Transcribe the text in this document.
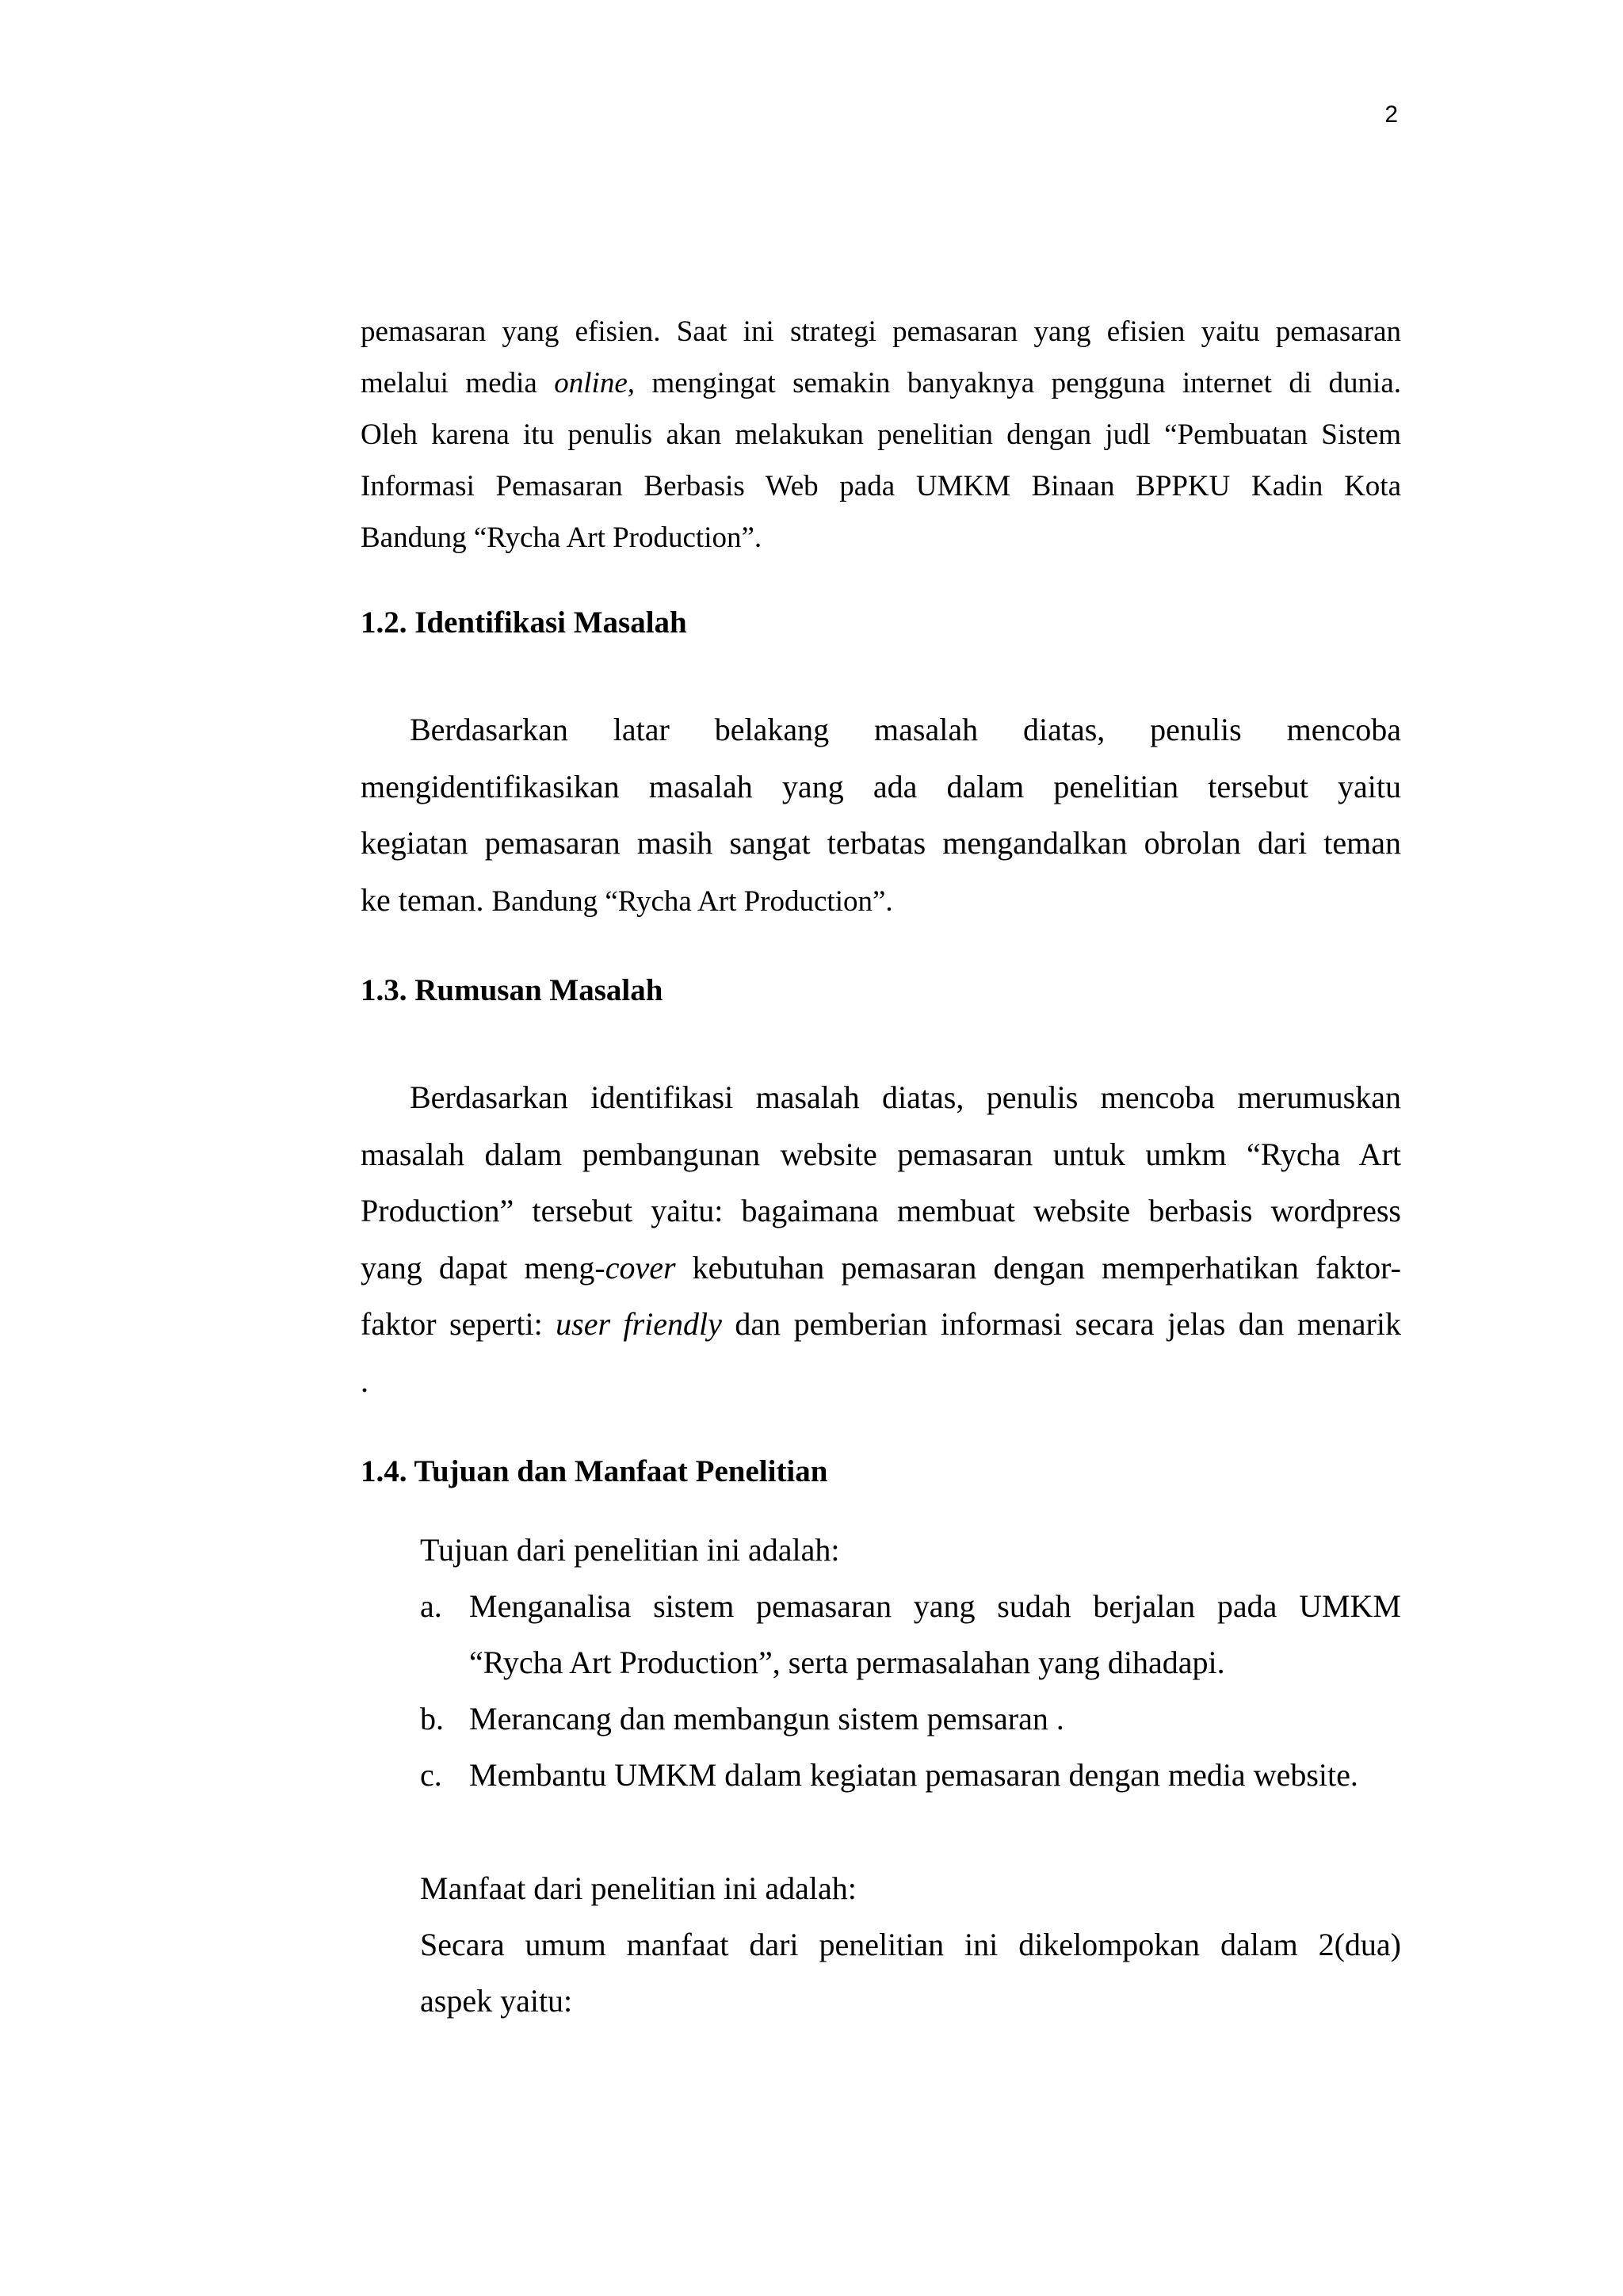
2
pemasaran yang efisien. Saat ini strategi pemasaran yang efisien yaitu pemasaran
melalui media online, mengingat semakin banyaknya pengguna internet di dunia.
Oleh karena itu penulis akan melakukan penelitian dengan judl “Pembuatan Sistem
Informasi Pemasaran Berbasis Web pada UMKM Binaan BPPKU Kadin Kota
Bandung “Rycha Art Production”.
1.2. Identifikasi Masalah
Berdasarkan latar belakang masalah diatas, penulis mencoba
mengidentifikasikan masalah yang ada dalam penelitian tersebut yaitu
kegiatan pemasaran masih sangat terbatas mengandalkan obrolan dari teman
ke teman. Bandung “Rycha Art Production”.
1.3. Rumusan Masalah
Berdasarkan identifikasi masalah diatas, penulis mencoba merumuskan
masalah dalam pembangunan website pemasaran untuk umkm “Rycha Art
Production” tersebut yaitu: bagaimana membuat website berbasis wordpress
yang dapat meng-cover kebutuhan pemasaran dengan memperhatikan faktor-
faktor seperti: user friendly dan pemberian informasi secara jelas dan menarik
.
1.4. Tujuan dan Manfaat Penelitian
Tujuan dari penelitian ini adalah:
a. Menganalisa sistem pemasaran yang sudah berjalan pada UMKM
“Rycha Art Production”, serta permasalahan yang dihadapi.
b. Merancang dan membangun sistem pemsaran .
c. Membantu UMKM dalam kegiatan pemasaran dengan media website.
Manfaat dari penelitian ini adalah:
Secara umum manfaat dari penelitian ini dikelompokan dalam 2(dua)
aspek yaitu:
